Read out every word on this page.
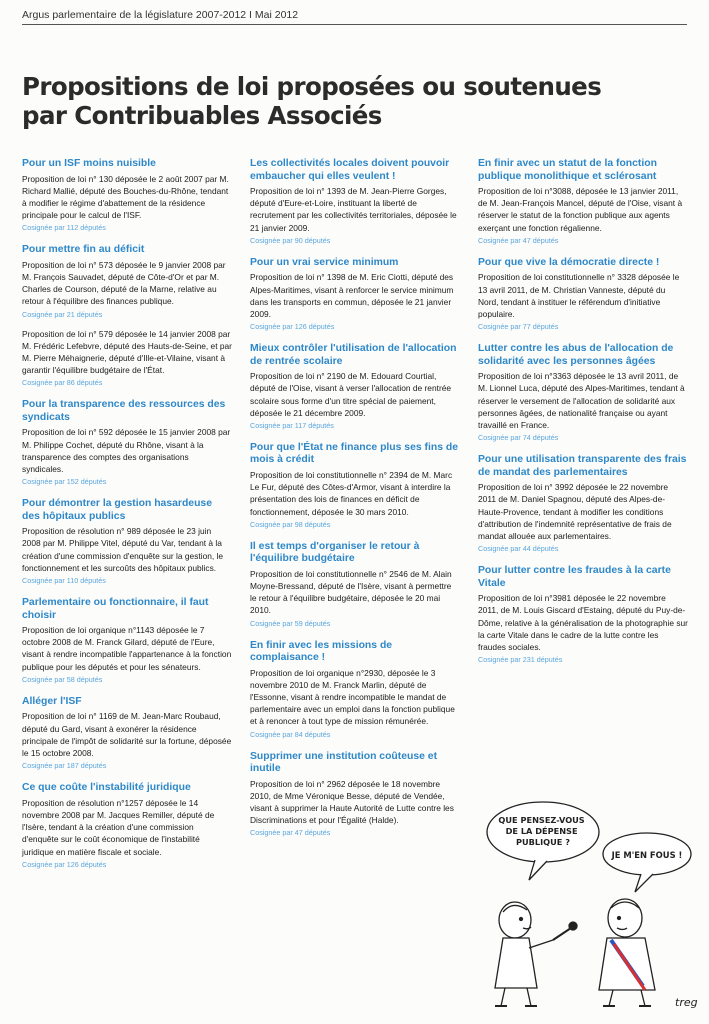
Argus parlementaire de la législature 2007-2012 I Mai 2012
Propositions de loi proposées ou soutenues
par Contribuables Associés
Pour un ISF moins nuisible

Proposition de loi n° 130 déposée le 2 août 2007 par M. Richard Mallié, député des Bouches-du-Rhône, tendant à modifier le régime d'abattement de la résidence principale pour le calcul de l'ISF.

Cosignée par 112 députés
Pour mettre fin au déficit

Proposition de loi n° 573 déposée le 9 janvier 2008 par M. François Sauvadet, député de Côte-d'Or et par M. Charles de Courson, député de la Marne, relative au retour à l'équilibre des finances publique.

Cosignée par 21 députés

Proposition de loi n° 579 déposée le 14 janvier 2008 par M. Frédéric Lefebvre, député des Hauts-de-Seine, et par M. Pierre Méhaignerie, député d'Ille-et-Vilaine, visant à garantir l'équilibre budgétaire de l'État.

Cosignée par 86 députés
Pour la transparence des ressources des syndicats

Proposition de loi n° 592 déposée le 15 janvier 2008 par M. Philippe Cochet, député du Rhône, visant à la transparence des comptes des organisations syndicales.

Cosignée par 152 députés
Pour démontrer la gestion hasardeuse des hôpitaux publics

Proposition de résolution n° 989 déposée le 23 juin 2008 par M. Philippe Vitel, député du Var, tendant à la création d'une commission d'enquête sur la gestion, le fonctionnement et les surcoûts des hôpitaux publics.

Cosignée par 110 députés
Parlementaire ou fonctionnaire, il faut choisir

Proposition de loi organique n°1143 déposée le 7 octobre 2008 de M. Franck Gilard, député de l'Eure, visant à rendre incompatible l'appartenance à la fonction publique pour les députés et pour les sénateurs.

Cosignée par 58 députés
Alléger l'ISF

Proposition de loi n° 1169 de M. Jean-Marc Roubaud, député du Gard, visant à exonérer la résidence principale de l'impôt de solidarité sur la fortune, déposée le 15 octobre 2008.

Cosignée par 187 députés
Ce que coûte l'instabilité juridique

Proposition de résolution n°1257 déposée le 14 novembre 2008 par M. Jacques Remiller, député de l'Isère, tendant à la création d'une commission d'enquête sur le coût économique de l'instabilité juridique en matière fiscale et sociale.

Cosignée par 126 députés
Les collectivités locales doivent pouvoir embaucher qui elles veulent !

Proposition de loi n° 1393 de M. Jean-Pierre Gorges, député d'Eure-et-Loire, instituant la liberté de recrutement par les collectivités territoriales, déposée le 21 janvier 2009.

Cosignée par 90 députés
Pour un vrai service minimum

Proposition de loi n° 1398 de M. Eric Ciotti, député des Alpes-Maritimes, visant à renforcer le service minimum dans les transports en commun, déposée le 21 janvier 2009.

Cosignée par 126 députés
Mieux contrôler l'utilisation de l'allocation de rentrée scolaire

Proposition de loi n° 2190 de M. Edouard Courtial, député de l'Oise, visant à verser l'allocation de rentrée scolaire sous forme d'un titre spécial de paiement, déposée le 21 décembre 2009.

Cosignée par 117 députés
Pour que l'État ne finance plus ses fins de mois à crédit

Proposition de loi constitutionnelle n° 2394 de M. Marc Le Fur, député des Côtes-d'Armor, visant à interdire la présentation des lois de finances en déficit de fonctionnement, déposée le 30 mars 2010.

Cosignée par 98 députés
Il est temps d'organiser le retour à l'équilibre budgétaire

Proposition de loi constitutionnelle n° 2546 de M. Alain Moyne-Bressand, député de l'Isère, visant à permettre le retour à l'équilibre budgétaire, déposée le 20 mai 2010.

Cosignée par 59 députés
En finir avec les missions de complaisance !

Proposition de loi organique n°2930, déposée le 3 novembre 2010 de M. Franck Marlin, député de l'Essonne, visant à rendre incompatible le mandat de parlementaire avec un emploi dans la fonction publique et à renoncer à tout type de mission rémunérée.

Cosignée par 84 députés
Supprimer une institution coûteuse et inutile

Proposition de loi n° 2962 déposée le 18 novembre 2010, de Mme Véronique Besse, député de Vendée, visant à supprimer la Haute Autorité de Lutte contre les Discriminations et pour l'Égalité (Halde).

Cosignée par 47 députés
En finir avec un statut de la fonction publique monolithique et sclérosant

Proposition de loi n°3088, déposée le 13 janvier 2011, de M. Jean-François Mancel, député de l'Oise, visant à réserver le statut de la fonction publique aux agents exerçant une fonction régalienne.

Cosignée par 47 députés
Pour que vive la démocratie directe !

Proposition de loi constitutionnelle n° 3328 déposée le 13 avril 2011, de M. Christian Vanneste, député du Nord, tendant à instituer le référendum d'initiative populaire.

Cosignée par 77 députés
Lutter contre les abus de l'allocation de solidarité avec les personnes âgées

Proposition de loi n°3363 déposée le 13 avril 2011, de M. Lionnel Luca, député des Alpes-Maritimes, tendant à réserver le versement de l'allocation de solidarité aux personnes âgées, de nationalité française ou ayant travaillé en France.

Cosignée par 74 députés
Pour une utilisation transparente des frais de mandat des parlementaires

Proposition de loi n° 3992 déposée le 22 novembre 2011 de M. Daniel Spagnou, député des Alpes-de-Haute-Provence, tendant à modifier les conditions d'attribution de l'indemnité représentative de frais de mandat allouée aux parlementaires.

Cosignée par 44 députés
Pour lutter contre les fraudes à la carte Vitale

Proposition de loi n°3981 déposée le 22 novembre 2011, de M. Louis Giscard d'Estaing, député du Puy-de-Dôme, relative à la généralisation de la photographie sur la carte Vitale dans le cadre de la lutte contre les fraudes sociales.

Cosignée par 231 députés
QUE PENSEZ-VOUS DE LA DÉPENSE PUBLIQUE ?
JE M'EN FOUS !
treg
